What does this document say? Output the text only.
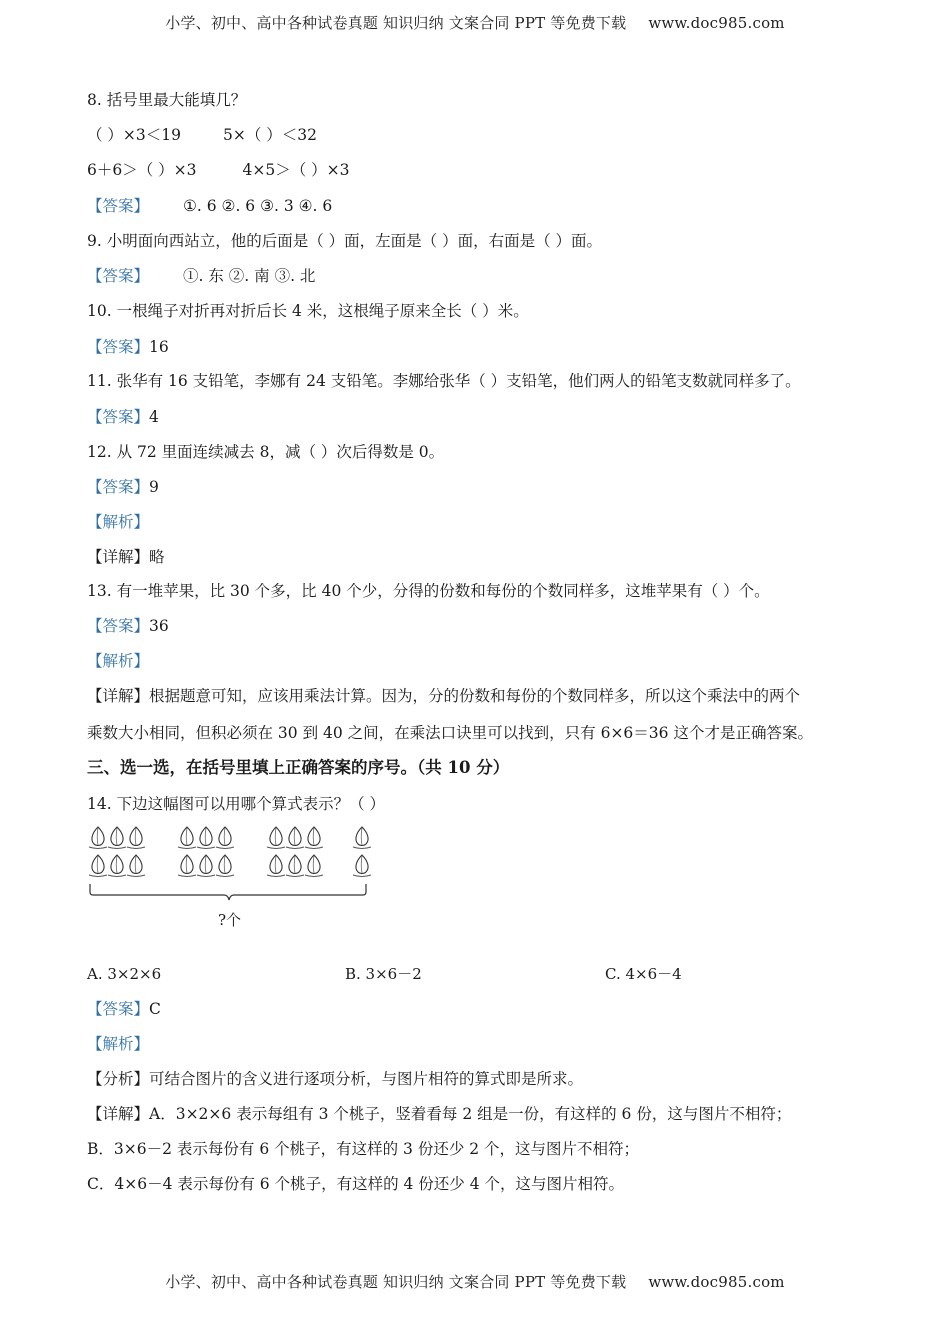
小学、初中、高中各种试卷真题 知识归纳 文案合同 PPT 等免费下载 www.doc985.com
8. 括号里最大能填几？
（ ）×3＜19	5×（ ）＜32
6＋6＞（ ）×3	4×5＞（ ）×3
【答案】 ①. 6 ②. 6 ③. 3 ④. 6
9. 小明面向西站立，他的后面是（ ）面，左面是（ ）面，右面是（ ）面。
【答案】 ①. 东 ②. 南 ③. 北
10. 一根绳子对折再对折后长 4 米，这根绳子原来全长（ ）米。
【答案】16
11. 张华有 16 支铅笔，李娜有 24 支铅笔。李娜给张华（ ）支铅笔，他们两人的铅笔支数就同样多了。
【答案】4
12. 从 72 里面连续减去 8，减（ ）次后得数是 0。
【答案】9
【解析】
【详解】略
13. 有一堆苹果，比 30 个多，比 40 个少，分得的份数和每份的个数同样多，这堆苹果有（ ）个。
【答案】36
【解析】
【详解】根据题意可知，应该用乘法计算。因为，分的份数和每份的个数同样多，所以这个乘法中的两个
乘数大小相同，但积必须在 30 到 40 之间，在乘法口诀里可以找到，只有 6×6＝36 这个才是正确答案。
三、选一选，在括号里填上正确答案的序号。（共 10 分）
14. 下边这幅图可以用哪个算式表示？（ ）
?个
A. 3×2×6	B. 3×6－2	C. 4×6－4
【答案】C
【解析】
【分析】可结合图片的含义进行逐项分析，与图片相符的算式即是所求。
【详解】A．3×2×6 表示每组有 3 个桃子，竖着看每 2 组是一份，有这样的 6 份，这与图片不相符；
B．3×6－2 表示每份有 6 个桃子，有这样的 3 份还少 2 个，这与图片不相符；
C．4×6－4 表示每份有 6 个桃子，有这样的 4 份还少 4 个，这与图片相符。
小学、初中、高中各种试卷真题 知识归纳 文案合同 PPT 等免费下载 www.doc985.com
